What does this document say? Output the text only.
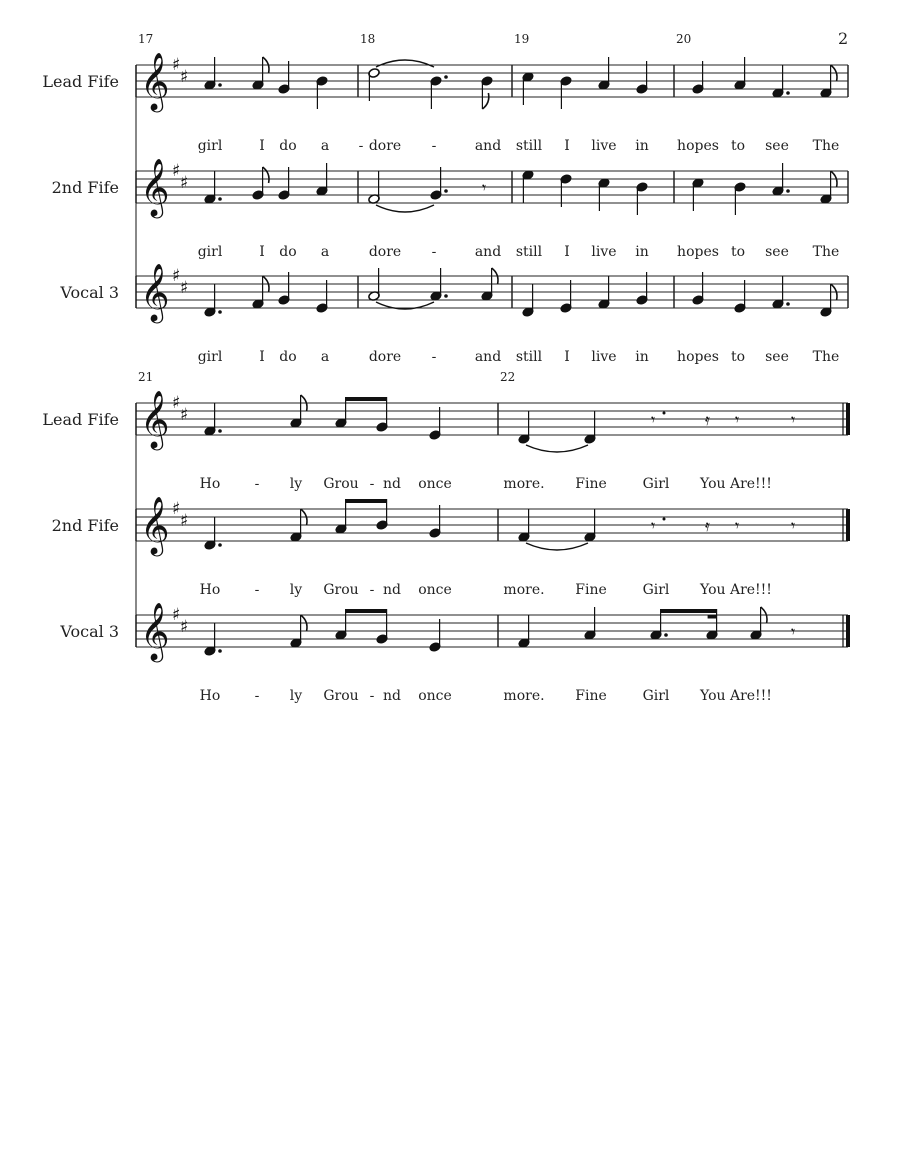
2
𝄞 ♯
♯
𝄞 ♯
♯	𝄾
𝄞 ♯
♯
𝄞 ♯
♯	𝄾	𝄿 𝄾	𝄾
𝄞 ♯
♯	𝄾	𝄿 𝄾	𝄾
𝄞 ♯
♯	𝄾
17	18	19	20
Lead Fife
girl	I do a - dore -	and still I live in hopes to see The
2nd Fife
girl	I do a	dore -	and still I live in hopes to see The
Vocal 3
girl	I do a	dore -	and still I live in hopes to see The
21	22
Lead Fife
Ho - ly Grou - nd once	more. Fine	Girl You Are!!!
2nd Fife
Ho - ly Grou - nd once	more. Fine	Girl You Are!!!
Vocal 3
Ho - ly Grou - nd once	more. Fine	Girl You Are!!!
